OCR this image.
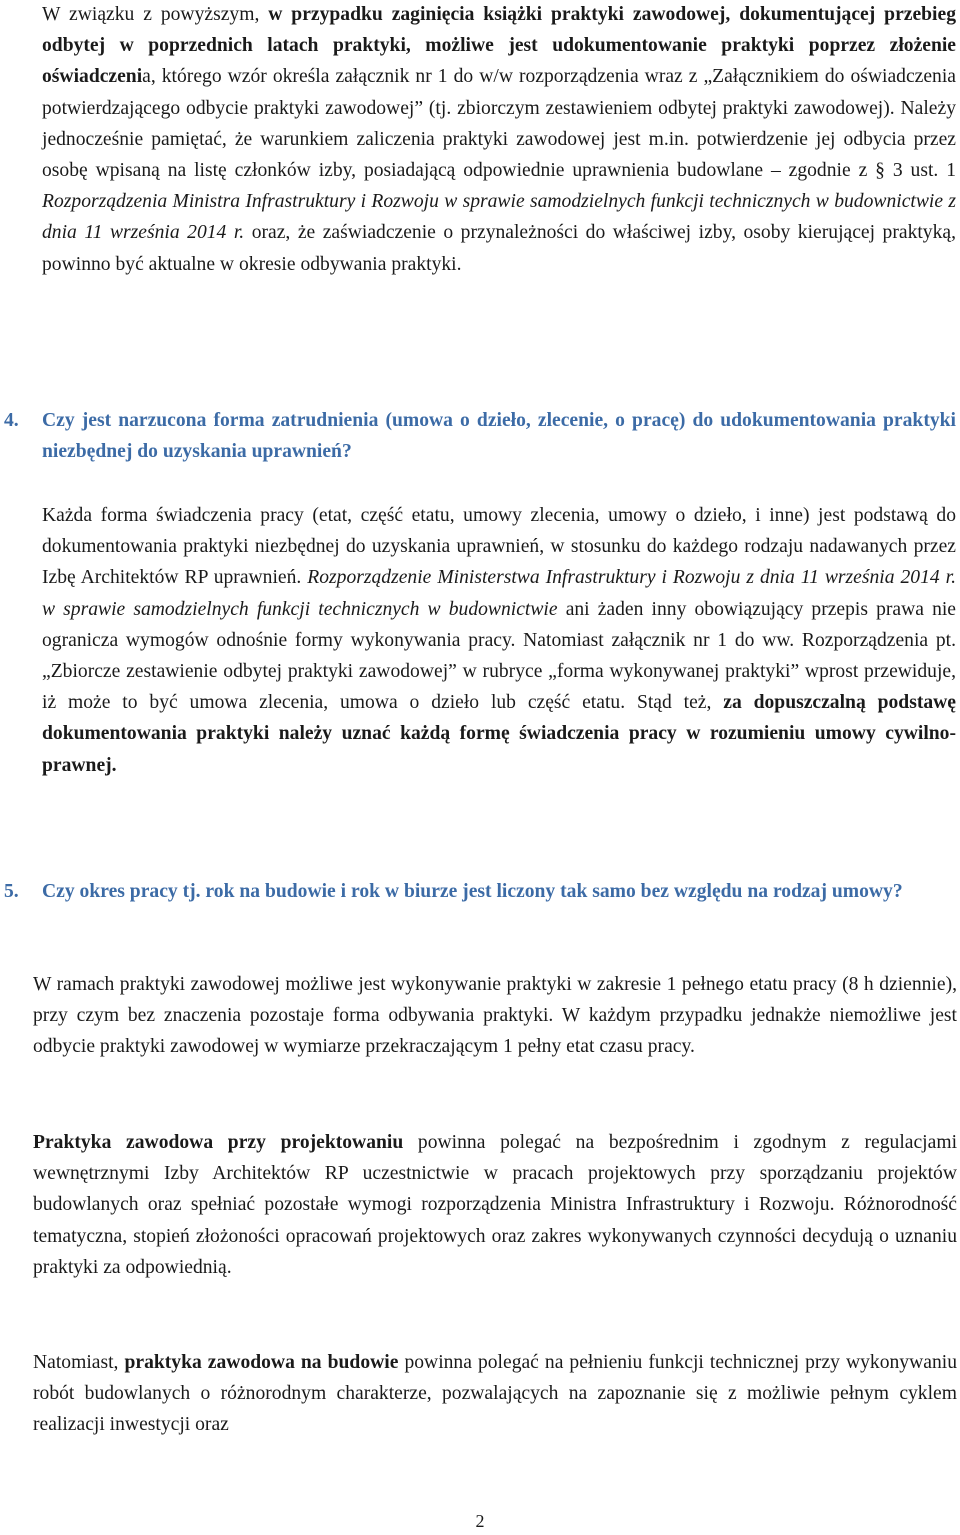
W związku z powyższym, w przypadku zaginięcia książki praktyki zawodowej, dokumentującej przebieg odbytej w poprzednich latach praktyki, możliwe jest udokumentowanie praktyki poprzez złożenie oświadczenia, którego wzór określa załącznik nr 1 do w/w rozporządzenia wraz z „Załącznikiem do oświadczenia potwierdzającego odbycie praktyki zawodowej” (tj. zbiorczym zestawieniem odbytej praktyki zawodowej). Należy jednocześnie pamiętać, że warunkiem zaliczenia praktyki zawodowej jest m.in. potwierdzenie jej odbycia przez osobę wpisaną na listę członków izby, posiadającą odpowiednie uprawnienia budowlane – zgodnie z § 3 ust. 1 Rozporządzenia Ministra Infrastruktury i Rozwoju w sprawie samodzielnych funkcji technicznych w budownictwie z dnia 11 września 2014 r. oraz, że zaświadczenie o przynależności do właściwej izby, osoby kierującej praktyką, powinno być aktualne w okresie odbywania praktyki.

4. Czy jest narzucona forma zatrudnienia (umowa o dzieło, zlecenie, o pracę) do udokumentowania praktyki niezbędnej do uzyskania uprawnień?

Każda forma świadczenia pracy (etat, część etatu, umowy zlecenia, umowy o dzieło, i inne) jest podstawą do dokumentowania praktyki niezbędnej do uzyskania uprawnień, w stosunku do każdego rodzaju nadawanych przez Izbę Architektów RP uprawnień. Rozporządzenie Ministerstwa Infrastruktury i Rozwoju z dnia 11 września 2014 r. w sprawie samodzielnych funkcji technicznych w budownictwie ani żaden inny obowiązujący przepis prawa nie ogranicza wymogów odnośnie formy wykonywania pracy. Natomiast załącznik nr 1 do ww. Rozporządzenia pt. „Zbiorcze zestawienie odbytej praktyki zawodowej” w rubryce „forma wykonywanej praktyki” wprost przewiduje, iż może to być umowa zlecenia, umowa o dzieło lub część etatu. Stąd też, za dopuszczalną podstawę dokumentowania praktyki należy uznać każdą formę świadczenia pracy w rozumieniu umowy cywilno-prawnej.

5. Czy okres pracy tj. rok na budowie i rok w biurze jest liczony tak samo bez względu na rodzaj umowy?

W ramach praktyki zawodowej możliwe jest wykonywanie praktyki w zakresie 1 pełnego etatu pracy (8 h dziennie), przy czym bez znaczenia pozostaje forma odbywania praktyki. W każdym przypadku jednakże niemożliwe jest odbycie praktyki zawodowej w wymiarze przekraczającym 1 pełny etat czasu pracy.

Praktyka zawodowa przy projektowaniu powinna polegać na bezpośrednim i zgodnym z regulacjami wewnętrznymi Izby Architektów RP uczestnictwie w pracach projektowych przy sporządzaniu projektów budowlanych oraz spełniać pozostałe wymogi rozporządzenia Ministra Infrastruktury i Rozwoju. Różnorodność tematyczna, stopień złożoności opracowań projektowych oraz zakres wykonywanych czynności decydują o uznaniu praktyki za odpowiednią.

Natomiast, praktyka zawodowa na budowie powinna polegać na pełnieniu funkcji technicznej przy wykonywaniu robót budowlanych o różnorodnym charakterze, pozwalających na zapoznanie się z możliwie pełnym cyklem realizacji inwestycji oraz

2
